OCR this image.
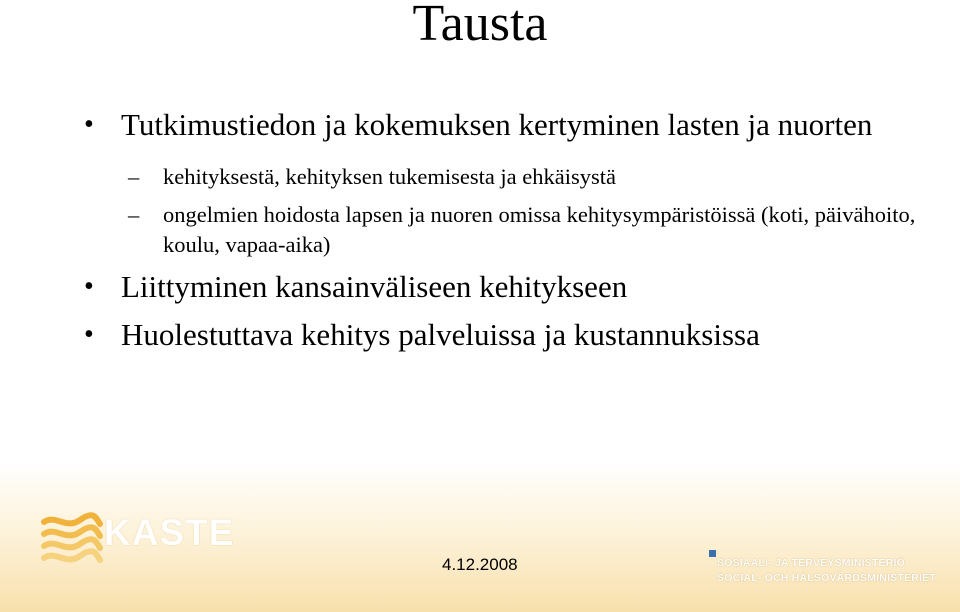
Tausta
• Tutkimustiedon ja kokemuksen kertyminen lasten ja nuorten
– kehityksestä, kehityksen tukemisesta ja ehkäisystä
– ongelmien hoidosta lapsen ja nuoren omissa kehitysympäristöissä (koti, päivähoito, koulu, vapaa-aika)
• Liittyminen kansainväliseen kehitykseen
• Huolestuttava kehitys palveluissa ja kustannuksissa
KASTE
4.12.2008	SOSIAALI- JA TERVEYSMINISTERIÖ
SOCIAL- OCH HÄLSOVÅRDSMINISTERIET
